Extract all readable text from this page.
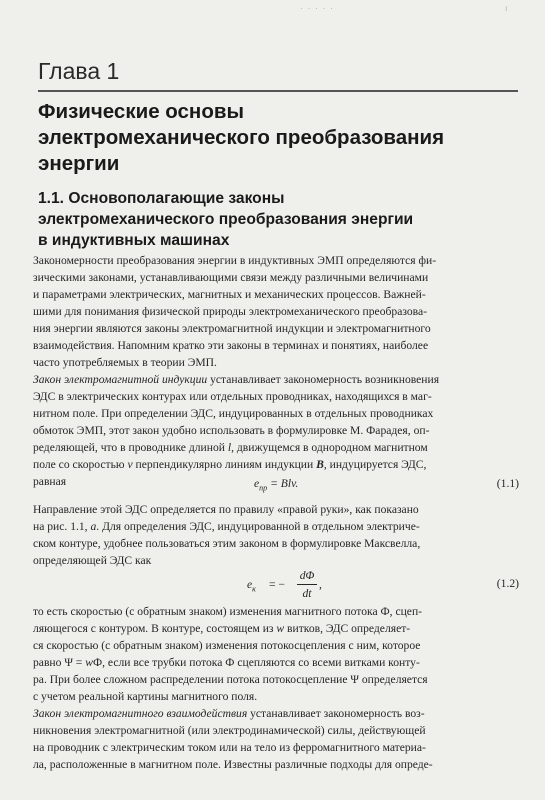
· · · · ·	ı
Глава 1
Физические основы
электромеханического преобразования
энергии
1.1. Основополагающие законы
электромеханического преобразования энергии
в индуктивных машинах
Закономерности преобразования энергии в индуктивных ЭМП определяются фи-
зическими законами, устанавливающими связи между различными величинами
и параметрами электрических, магнитных и механических процессов. Важней-
шими для понимания физической природы электромеханического преобразова-
ния энергии являются законы электромагнитной индукции и электромагнитного
взаимодействия. Напомним кратко эти законы в терминах и понятиях, наиболее
часто употребляемых в теории ЭМП.
Закон электромагнитной индукции устанавливает закономерность возникновения
ЭДС в электрических контурах или отдельных проводниках, находящихся в маг-
нитном поле. При определении ЭДС, индуцированных в отдельных проводниках
обмоток ЭМП, этот закон удобно использовать в формулировке М. Фарадея, оп-
ределяющей, что в проводнике длиной l, движущемся в однородном магнитном
поле со скоростью v перпендикулярно линиям индукции B, индуцируется ЭДС,
равная	$e_{пр}$ = Blv.	(1.1)
Направление этой ЭДС определяется по правилу «правой руки», как показано
на рис. 1.1, а. Для определения ЭДС, индуцированной в отдельном электриче-
ском контуре, удобнее пользоваться этим законом в формулировке Максвелла,
определяющей ЭДС как
$e_к$ = −
dΦ
dt
,	(1.2)
то есть скоростью (с обратным знаком) изменения магнитного потока Ф, сцеп-
ляющегося с контуром. В контуре, состоящем из w витков, ЭДС определяет-
ся скоростью (с обратным знаком) изменения потокосцепления с ним, которое
равно Ψ = wФ, если все трубки потока Ф сцепляются со всеми витками конту-
ра. При более сложном распределении потока потокосцепление Ψ определяется
с учетом реальной картины магнитного поля.
Закон электромагнитного взаимодействия устанавливает закономерность воз-
никновения электромагнитной (или электродинамической) силы, действующей
на проводник с электрическим током или на тело из ферромагнитного материа-
ла, расположенные в магнитном поле. Известны различные подходы для опреде-
